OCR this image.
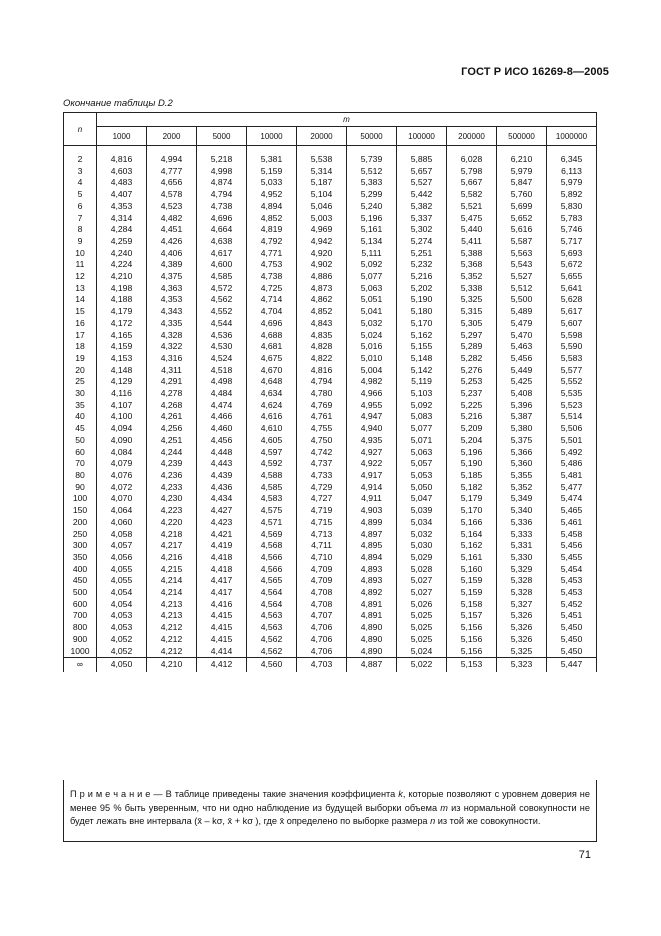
ГОСТ Р ИСО 16269-8—2005
Окончание таблицы D.2
n	m									
	1000	2000	5000	10000	20000	50000	100000	200000	500000	1000000

2	4,816	4,994	5,218	5,381	5,538	5,739	5,885	6,028	6,210	6,345
3	4,603	4,777	4,998	5,159	5,314	5,512	5,657	5,798	5,979	6,113
4	4,483	4,656	4,874	5,033	5,187	5,383	5,527	5,667	5,847	5,979
5	4,407	4,578	4,794	4,952	5,104	5,299	5,442	5,582	5,760	5,892
6	4,353	4,523	4,738	4,894	5,046	5,240	5,382	5,521	5,699	5,830
7	4,314	4,482	4,696	4,852	5,003	5,196	5,337	5,475	5,652	5,783
8	4,284	4,451	4,664	4,819	4,969	5,161	5,302	5,440	5,616	5,746
9	4,259	4,426	4,638	4,792	4,942	5,134	5,274	5,411	5,587	5,717
10	4,240	4,406	4,617	4,771	4,920	5,111	5,251	5,388	5,563	5,693
11	4,224	4,389	4,600	4,753	4,902	5,092	5,232	5,368	5,543	5,672
12	4,210	4,375	4,585	4,738	4,886	5,077	5,216	5,352	5,527	5,655
13	4,198	4,363	4,572	4,725	4,873	5,063	5,202	5,338	5,512	5,641
14	4,188	4,353	4,562	4,714	4,862	5,051	5,190	5,325	5,500	5,628
15	4,179	4,343	4,552	4,704	4,852	5,041	5,180	5,315	5,489	5,617
16	4,172	4,335	4,544	4,696	4,843	5,032	5,170	5,305	5,479	5,607
17	4,165	4,328	4,536	4,688	4,835	5,024	5,162	5,297	5,470	5,598
18	4,159	4,322	4,530	4,681	4,828	5,016	5,155	5,289	5,463	5,590
19	4,153	4,316	4,524	4,675	4,822	5,010	5,148	5,282	5,456	5,583
20	4,148	4,311	4,518	4,670	4,816	5,004	5,142	5,276	5,449	5,577
25	4,129	4,291	4,498	4,648	4,794	4,982	5,119	5,253	5,425	5,552
30	4,116	4,278	4,484	4,634	4,780	4,966	5,103	5,237	5,408	5,535
35	4,107	4,268	4,474	4,624	4,769	4,955	5,092	5,225	5,396	5,523
40	4,100	4,261	4,466	4,616	4,761	4,947	5,083	5,216	5,387	5,514
45	4,094	4,256	4,460	4,610	4,755	4,940	5,077	5,209	5,380	5,506
50	4,090	4,251	4,456	4,605	4,750	4,935	5,071	5,204	5,375	5,501
60	4,084	4,244	4,448	4,597	4,742	4,927	5,063	5,196	5,366	5,492
70	4,079	4,239	4,443	4,592	4,737	4,922	5,057	5,190	5,360	5,486
80	4,076	4,236	4,439	4,588	4,733	4,917	5,053	5,185	5,355	5,481
90	4,072	4,233	4,436	4,585	4,729	4,914	5,050	5,182	5,352	5,477
100	4,070	4,230	4,434	4,583	4,727	4,911	5,047	5,179	5,349	5,474
150	4,064	4,223	4,427	4,575	4,719	4,903	5,039	5,170	5,340	5,465
200	4,060	4,220	4,423	4,571	4,715	4,899	5,034	5,166	5,336	5,461
250	4,058	4,218	4,421	4,569	4,713	4,897	5,032	5,164	5,333	5,458
300	4,057	4,217	4,419	4,568	4,711	4,895	5,030	5,162	5,331	5,456
350	4,056	4,216	4,418	4,566	4,710	4,894	5,029	5,161	5,330	5,455
400	4,055	4,215	4,418	4,566	4,709	4,893	5,028	5,160	5,329	5,454
450	4,055	4,214	4,417	4,565	4,709	4,893	5,027	5,159	5,328	5,453
500	4,054	4,214	4,417	4,564	4,708	4,892	5,027	5,159	5,328	5,453
600	4,054	4,213	4,416	4,564	4,708	4,891	5,026	5,158	5,327	5,452
700	4,053	4,213	4,415	4,563	4,707	4,891	5,025	5,157	5,326	5,451
800	4,053	4,212	4,415	4,563	4,706	4,890	5,025	5,156	5,326	5,450
900	4,052	4,212	4,415	4,562	4,706	4,890	5,025	5,156	5,326	5,450
1000	4,052	4,212	4,414	4,562	4,706	4,890	5,024	5,156	5,325	5,450
∞	4,050	4,210	4,412	4,560	4,703	4,887	5,022	5,153	5,323	5,447
П р и м е ч а н и е — В таблице приведены такие значения коэффициента k, которые позволяют с уровнем доверия не менее 95 % быть уверенным, что ни одно наблюдение из будущей выборки объема m из нормальной совокупности не будет лежать вне интервала (x̄ – kσ, x̄ + kσ ), где x̄ определено по выборке размера n из той же совокупности.
71
